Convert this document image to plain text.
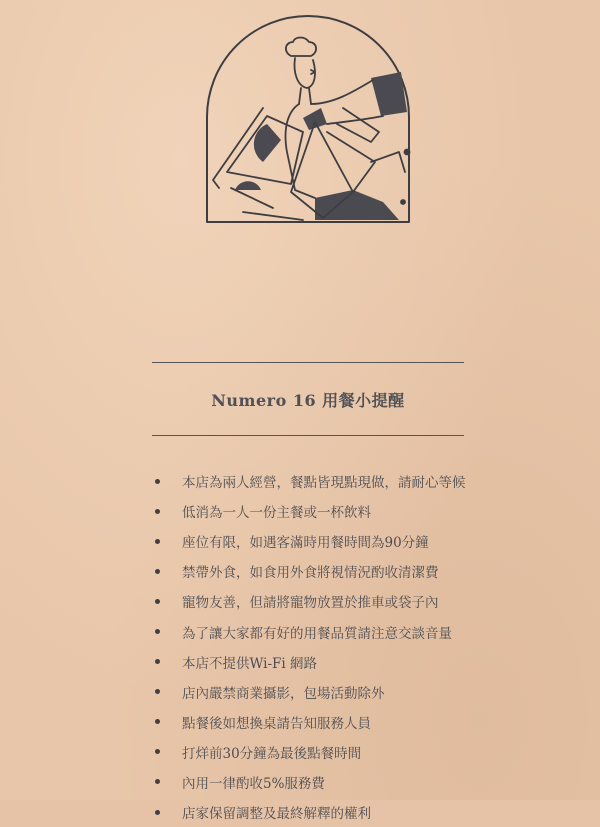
Numero 16 用餐小提醒
本店為兩人經營，餐點皆現點現做，請耐心等候
低消為一人一份主餐或一杯飲料
座位有限，如遇客滿時用餐時間為90分鐘
禁帶外食，如食用外食將視情況酌收清潔費
寵物友善，但請將寵物放置於推車或袋子內
為了讓大家都有好的用餐品質請注意交談音量
本店不提供Wi-Fi 網路
店內嚴禁商業攝影，包場活動除外
點餐後如想換桌請告知服務人員
打烊前30分鐘為最後點餐時間
內用一律酌收5%服務費
店家保留調整及最終解釋的權利
